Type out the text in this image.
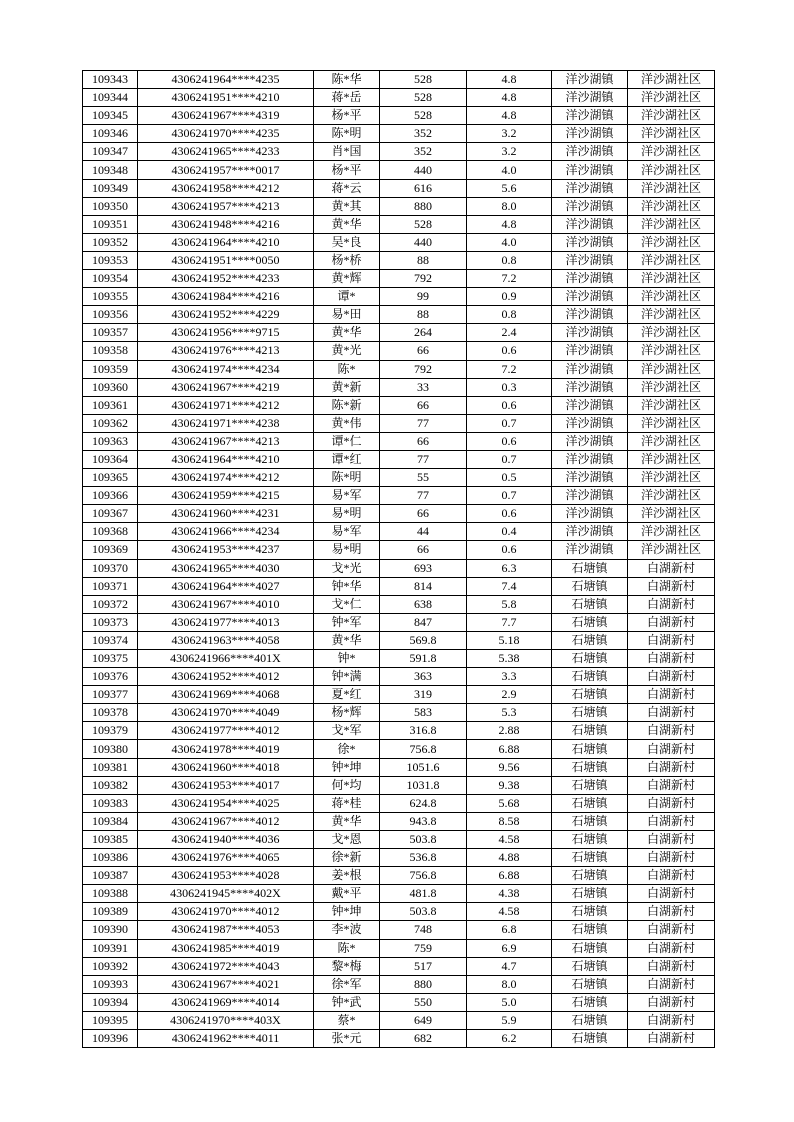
109343	4306241964****4235	陈*华	528	4.8	洋沙湖镇	洋沙湖社区
109344	4306241951****4210	蒋*岳	528	4.8	洋沙湖镇	洋沙湖社区
109345	4306241967****4319	杨*平	528	4.8	洋沙湖镇	洋沙湖社区
109346	4306241970****4235	陈*明	352	3.2	洋沙湖镇	洋沙湖社区
109347	4306241965****4233	肖*国	352	3.2	洋沙湖镇	洋沙湖社区
109348	4306241957****0017	杨*平	440	4.0	洋沙湖镇	洋沙湖社区
109349	4306241958****4212	蒋*云	616	5.6	洋沙湖镇	洋沙湖社区
109350	4306241957****4213	黄*其	880	8.0	洋沙湖镇	洋沙湖社区
109351	4306241948****4216	黄*华	528	4.8	洋沙湖镇	洋沙湖社区
109352	4306241964****4210	吴*良	440	4.0	洋沙湖镇	洋沙湖社区
109353	4306241951****0050	杨*桥	88	0.8	洋沙湖镇	洋沙湖社区
109354	4306241952****4233	黄*辉	792	7.2	洋沙湖镇	洋沙湖社区
109355	4306241984****4216	谭*	99	0.9	洋沙湖镇	洋沙湖社区
109356	4306241952****4229	易*田	88	0.8	洋沙湖镇	洋沙湖社区
109357	4306241956****9715	黄*华	264	2.4	洋沙湖镇	洋沙湖社区
109358	4306241976****4213	黄*光	66	0.6	洋沙湖镇	洋沙湖社区
109359	4306241974****4234	陈*	792	7.2	洋沙湖镇	洋沙湖社区
109360	4306241967****4219	黄*新	33	0.3	洋沙湖镇	洋沙湖社区
109361	4306241971****4212	陈*新	66	0.6	洋沙湖镇	洋沙湖社区
109362	4306241971****4238	黄*伟	77	0.7	洋沙湖镇	洋沙湖社区
109363	4306241967****4213	谭*仁	66	0.6	洋沙湖镇	洋沙湖社区
109364	4306241964****4210	谭*红	77	0.7	洋沙湖镇	洋沙湖社区
109365	4306241974****4212	陈*明	55	0.5	洋沙湖镇	洋沙湖社区
109366	4306241959****4215	易*军	77	0.7	洋沙湖镇	洋沙湖社区
109367	4306241960****4231	易*明	66	0.6	洋沙湖镇	洋沙湖社区
109368	4306241966****4234	易*军	44	0.4	洋沙湖镇	洋沙湖社区
109369	4306241953****4237	易*明	66	0.6	洋沙湖镇	洋沙湖社区
109370	4306241965****4030	戈*光	693	6.3	石塘镇	白湖新村
109371	4306241964****4027	钟*华	814	7.4	石塘镇	白湖新村
109372	4306241967****4010	戈*仁	638	5.8	石塘镇	白湖新村
109373	4306241977****4013	钟*军	847	7.7	石塘镇	白湖新村
109374	4306241963****4058	黄*华	569.8	5.18	石塘镇	白湖新村
109375	4306241966****401X	钟*	591.8	5.38	石塘镇	白湖新村
109376	4306241952****4012	钟*满	363	3.3	石塘镇	白湖新村
109377	4306241969****4068	夏*红	319	2.9	石塘镇	白湖新村
109378	4306241970****4049	杨*辉	583	5.3	石塘镇	白湖新村
109379	4306241977****4012	戈*军	316.8	2.88	石塘镇	白湖新村
109380	4306241978****4019	徐*	756.8	6.88	石塘镇	白湖新村
109381	4306241960****4018	钟*坤	1051.6	9.56	石塘镇	白湖新村
109382	4306241953****4017	何*均	1031.8	9.38	石塘镇	白湖新村
109383	4306241954****4025	蒋*桂	624.8	5.68	石塘镇	白湖新村
109384	4306241967****4012	黄*华	943.8	8.58	石塘镇	白湖新村
109385	4306241940****4036	戈*恩	503.8	4.58	石塘镇	白湖新村
109386	4306241976****4065	徐*新	536.8	4.88	石塘镇	白湖新村
109387	4306241953****4028	姜*根	756.8	6.88	石塘镇	白湖新村
109388	4306241945****402X	戴*平	481.8	4.38	石塘镇	白湖新村
109389	4306241970****4012	钟*坤	503.8	4.58	石塘镇	白湖新村
109390	4306241987****4053	李*波	748	6.8	石塘镇	白湖新村
109391	4306241985****4019	陈*	759	6.9	石塘镇	白湖新村
109392	4306241972****4043	黎*梅	517	4.7	石塘镇	白湖新村
109393	4306241967****4021	徐*军	880	8.0	石塘镇	白湖新村
109394	4306241969****4014	钟*武	550	5.0	石塘镇	白湖新村
109395	4306241970****403X	蔡*	649	5.9	石塘镇	白湖新村
109396	4306241962****4011	张*元	682	6.2	石塘镇	白湖新村
